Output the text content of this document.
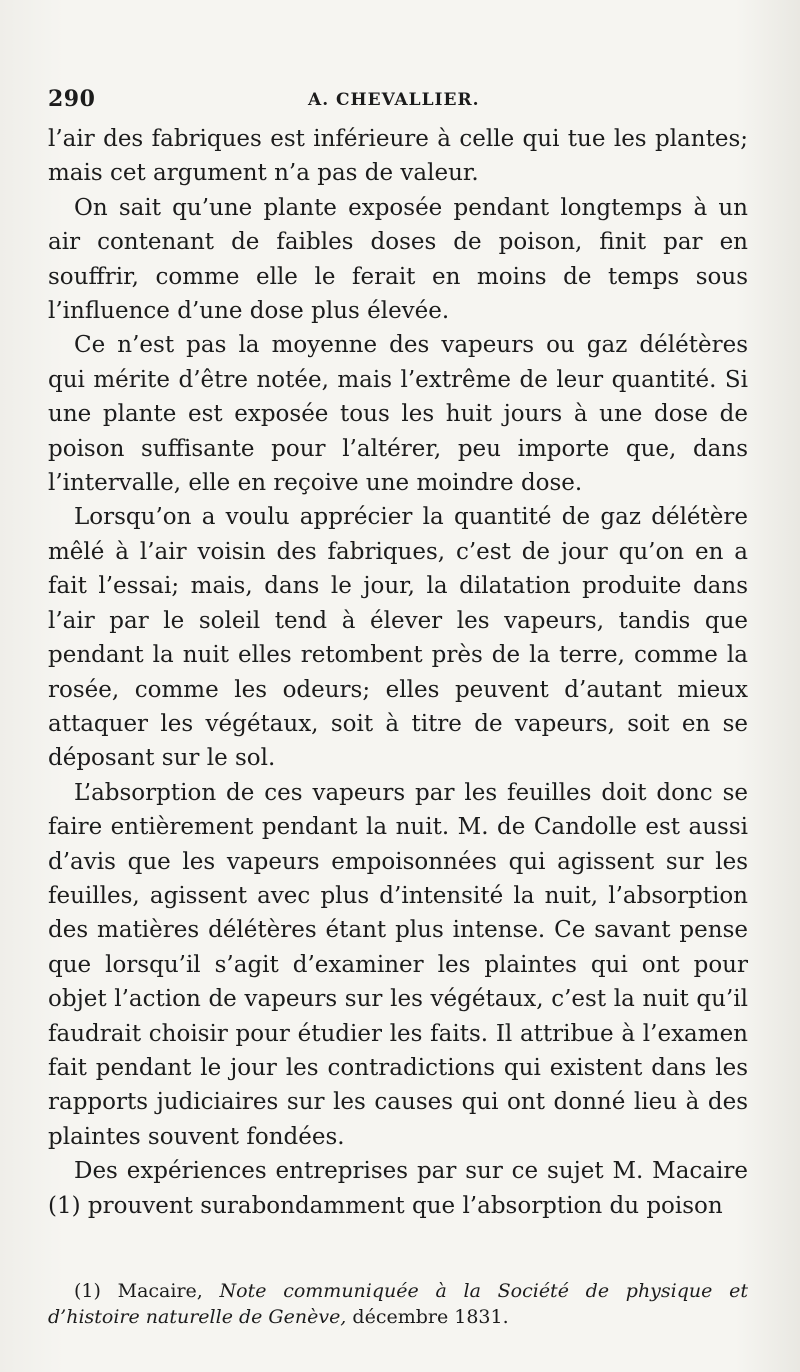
290	A. CHEVALLIER.

l’air des fabriques est inférieure à celle qui tue les plantes; mais cet argument n’a pas de valeur.

On sait qu’une plante exposée pendant longtemps à un air contenant de faibles doses de poison, finit par en souffrir, comme elle le ferait en moins de temps sous l’influence d’une dose plus élevée.

Ce n’est pas la moyenne des vapeurs ou gaz délétères qui mérite d’être notée, mais l’extrême de leur quantité. Si une plante est exposée tous les huit jours à une dose de poison suffisante pour l’altérer, peu importe que, dans l’intervalle, elle en reçoive une moindre dose.

Lorsqu’on a voulu apprécier la quantité de gaz délétère mêlé à l’air voisin des fabriques, c’est de jour qu’on en a fait l’essai; mais, dans le jour, la dilatation produite dans l’air par le soleil tend à élever les vapeurs, tandis que pendant la nuit elles retombent près de la terre, comme la rosée, comme les odeurs; elles peuvent d’autant mieux attaquer les végétaux, soit à titre de vapeurs, soit en se déposant sur le sol.

L’absorption de ces vapeurs par les feuilles doit donc se faire entièrement pendant la nuit. M. de Candolle est aussi d’avis que les vapeurs empoisonnées qui agissent sur les feuilles, agissent avec plus d’intensité la nuit, l’absorption des matières délétères étant plus intense. Ce savant pense que lorsqu’il s’agit d’examiner les plaintes qui ont pour objet l’action de vapeurs sur les végétaux, c’est la nuit qu’il faudrait choisir pour étudier les faits. Il attribue à l’examen fait pendant le jour les contradictions qui existent dans les rapports judiciaires sur les causes qui ont donné lieu à des plaintes souvent fondées.

Des expériences entreprises par sur ce sujet M. Macaire (1) prouvent surabondamment que l’absorption du poison

(1) Macaire, Note communiquée à la Société de physique et d’histoire naturelle de Genève, décembre 1831.
